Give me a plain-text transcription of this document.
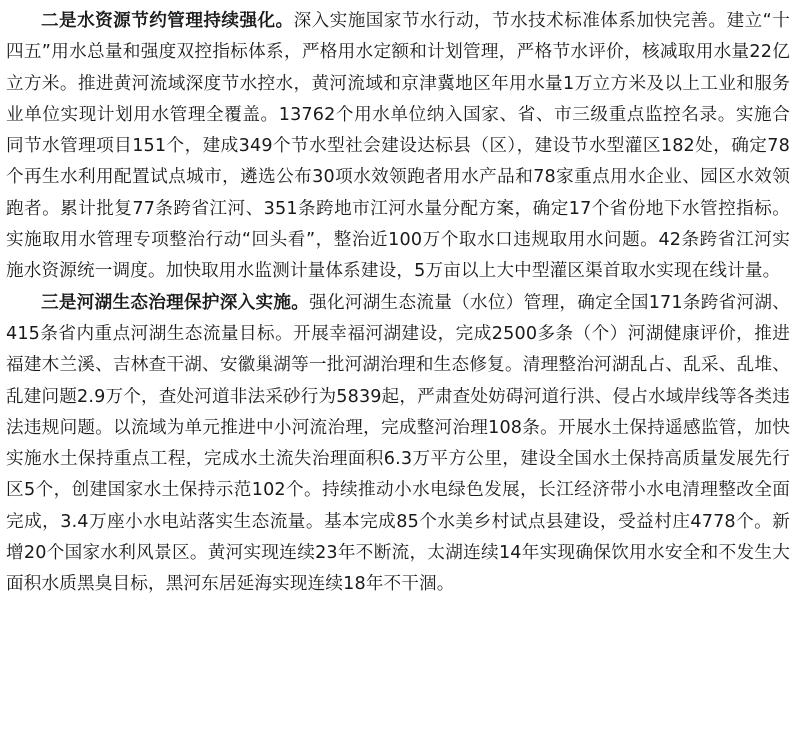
二是水资源节约管理持续强化。深入实施国家节水行动，节水技术标准体系加快完善。建立“十四五”用水总量和强度双控指标体系，严格用水定额和计划管理，严格节水评价，核减取用水量22亿立方米。推进黄河流域深度节水控水，黄河流域和京津冀地区年用水量1万立方米及以上工业和服务业单位实现计划用水管理全覆盖。13762个用水单位纳入国家、省、市三级重点监控名录。实施合同节水管理项目151个，建成349个节水型社会建设达标县（区），建设节水型灌区182处，确定78个再生水利用配置试点城市，遴选公布30项水效领跑者用水产品和78家重点用水企业、园区水效领跑者。累计批复77条跨省江河、351条跨地市江河水量分配方案，确定17个省份地下水管控指标。实施取用水管理专项整治行动“回头看”，整治近100万个取水口违规取用水问题。42条跨省江河实施水资源统一调度。加快取用水监测计量体系建设，5万亩以上大中型灌区渠首取水实现在线计量。

三是河湖生态治理保护深入实施。强化河湖生态流量（水位）管理，确定全国171条跨省河湖、415条省内重点河湖生态流量目标。开展幸福河湖建设，完成2500多条（个）河湖健康评价，推进福建木兰溪、吉林查干湖、安徽巢湖等一批河湖治理和生态修复。清理整治河湖乱占、乱采、乱堆、乱建问题2.9万个，查处河道非法采砂行为5839起，严肃查处妨碍河道行洪、侵占水域岸线等各类违法违规问题。以流域为单元推进中小河流治理，完成整河治理108条。开展水土保持遥感监管，加快实施水土保持重点工程，完成水土流失治理面积6.3万平方公里，建设全国水土保持高质量发展先行区5个，创建国家水土保持示范102个。持续推动小水电绿色发展，长江经济带小水电清理整改全面完成，3.4万座小水电站落实生态流量。基本完成85个水美乡村试点县建设，受益村庄4778个。新增20个国家水利风景区。黄河实现连续23年不断流，太湖连续14年实现确保饮用水安全和不发生大面积水质黑臭目标，黑河东居延海实现连续18年不干涸。
